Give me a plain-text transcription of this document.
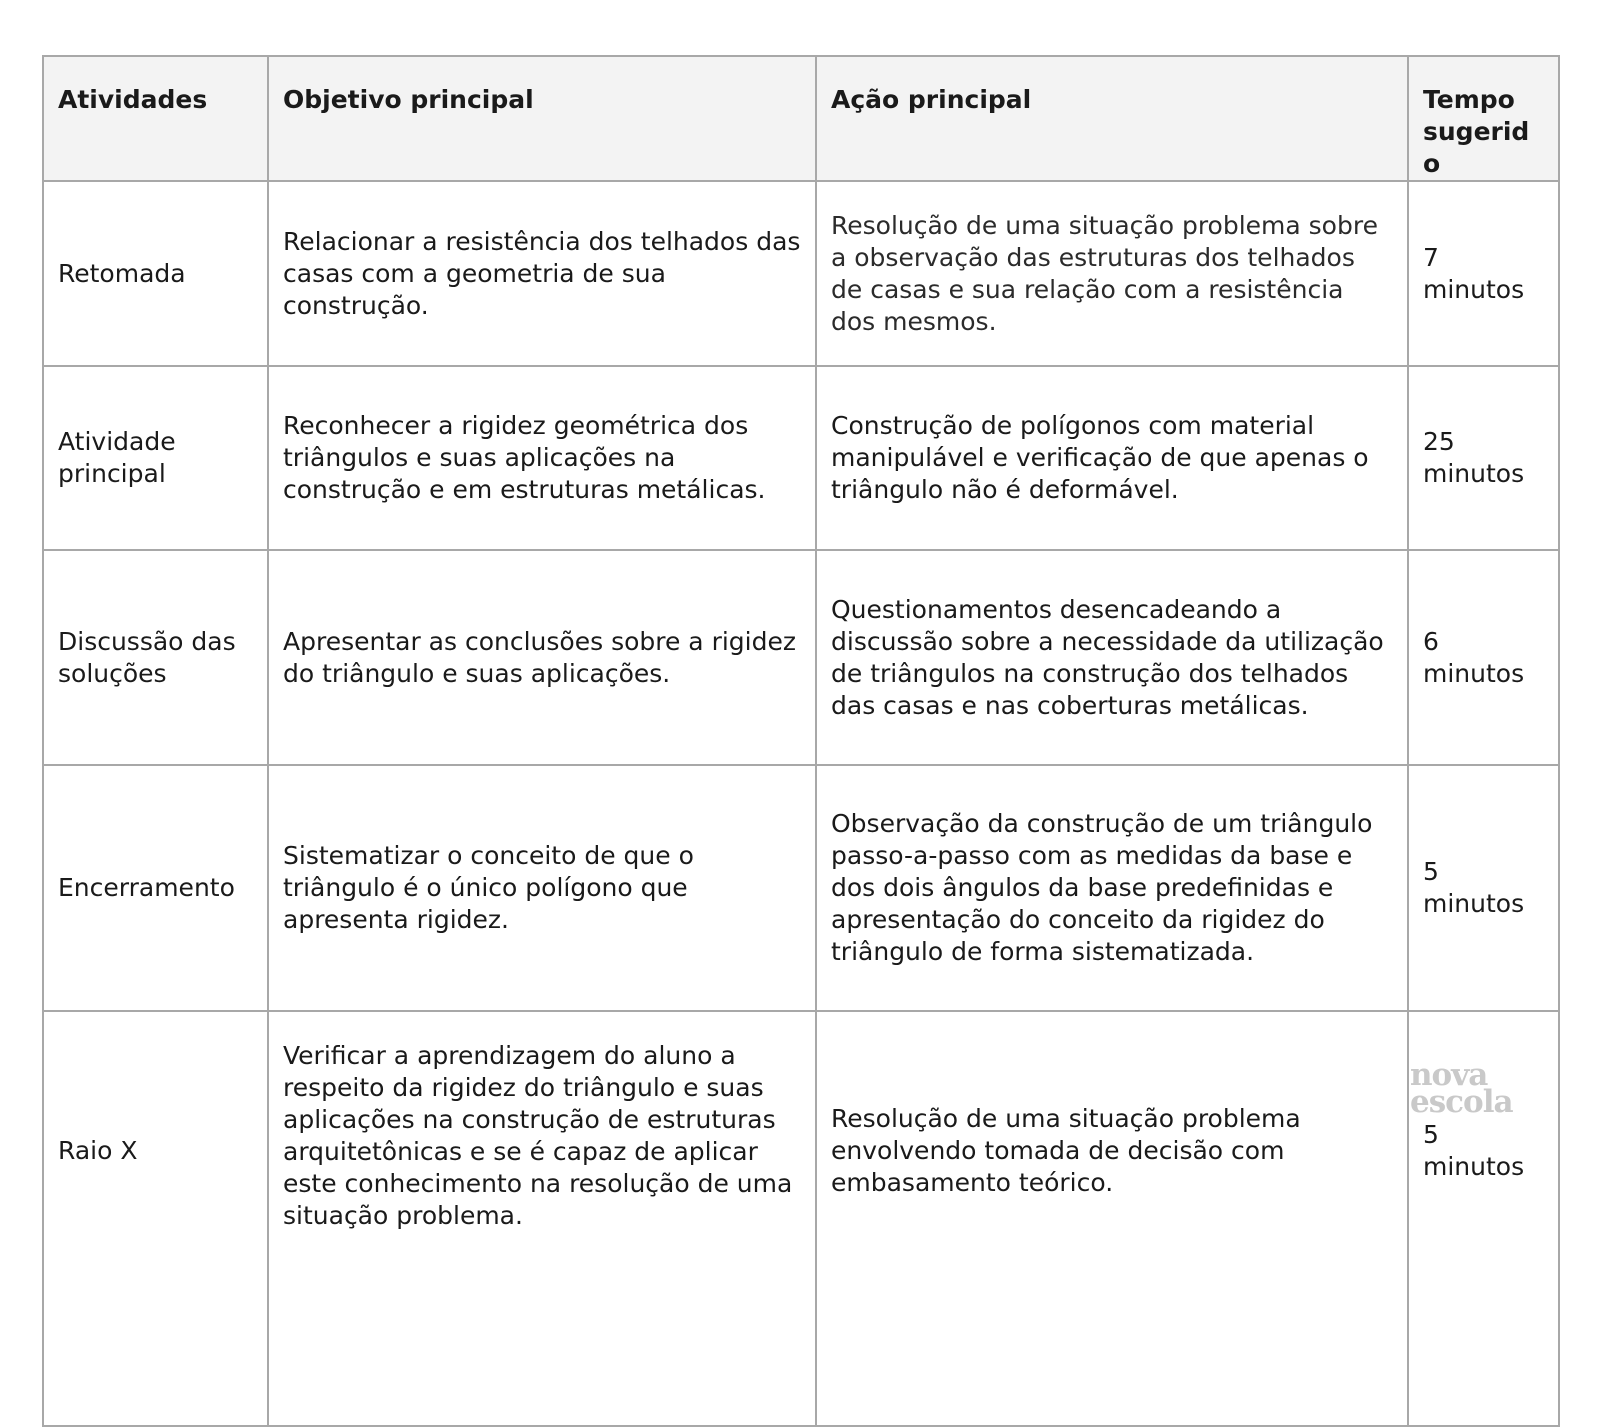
Atividades	Objetivo principal	Ação principal	Tempo sugerido
Retomada	Relacionar a resistência dos telhados das casas com a geometria de sua construção.	Resolução de uma situação problema sobre a observação das estruturas dos telhados de casas e sua relação com a resistência dos mesmos.	7 minutos
Atividade principal	Reconhecer a rigidez geométrica dos triângulos e suas aplicações na construção e em estruturas metálicas.	Construção de polígonos com material manipulável e verificação de que apenas o triângulo não é deformável.	25 minutos
Discussão das soluções	Apresentar as conclusões sobre a rigidez do triângulo e suas aplicações.	Questionamentos desencadeando a discussão sobre a necessidade da utilização de triângulos na construção dos telhados das casas e nas coberturas metálicas.	6 minutos
Encerramento	Sistematizar o conceito de que o triângulo é o único polígono que apresenta rigidez.	Observação da construção de um triângulo passo-a-passo com as medidas da base e dos dois ângulos da base predefinidas e apresentação do conceito da rigidez do triângulo de forma sistematizada.	5 minutos
Raio X	Verificar a aprendizagem do aluno a respeito da rigidez do triângulo e suas aplicações na construção de estruturas arquitetônicas e se é capaz de aplicar este conhecimento na resolução de uma situação problema.	Resolução de uma situação problema envolvendo tomada de decisão com embasamento teórico.	5 minutos
nova
escola
